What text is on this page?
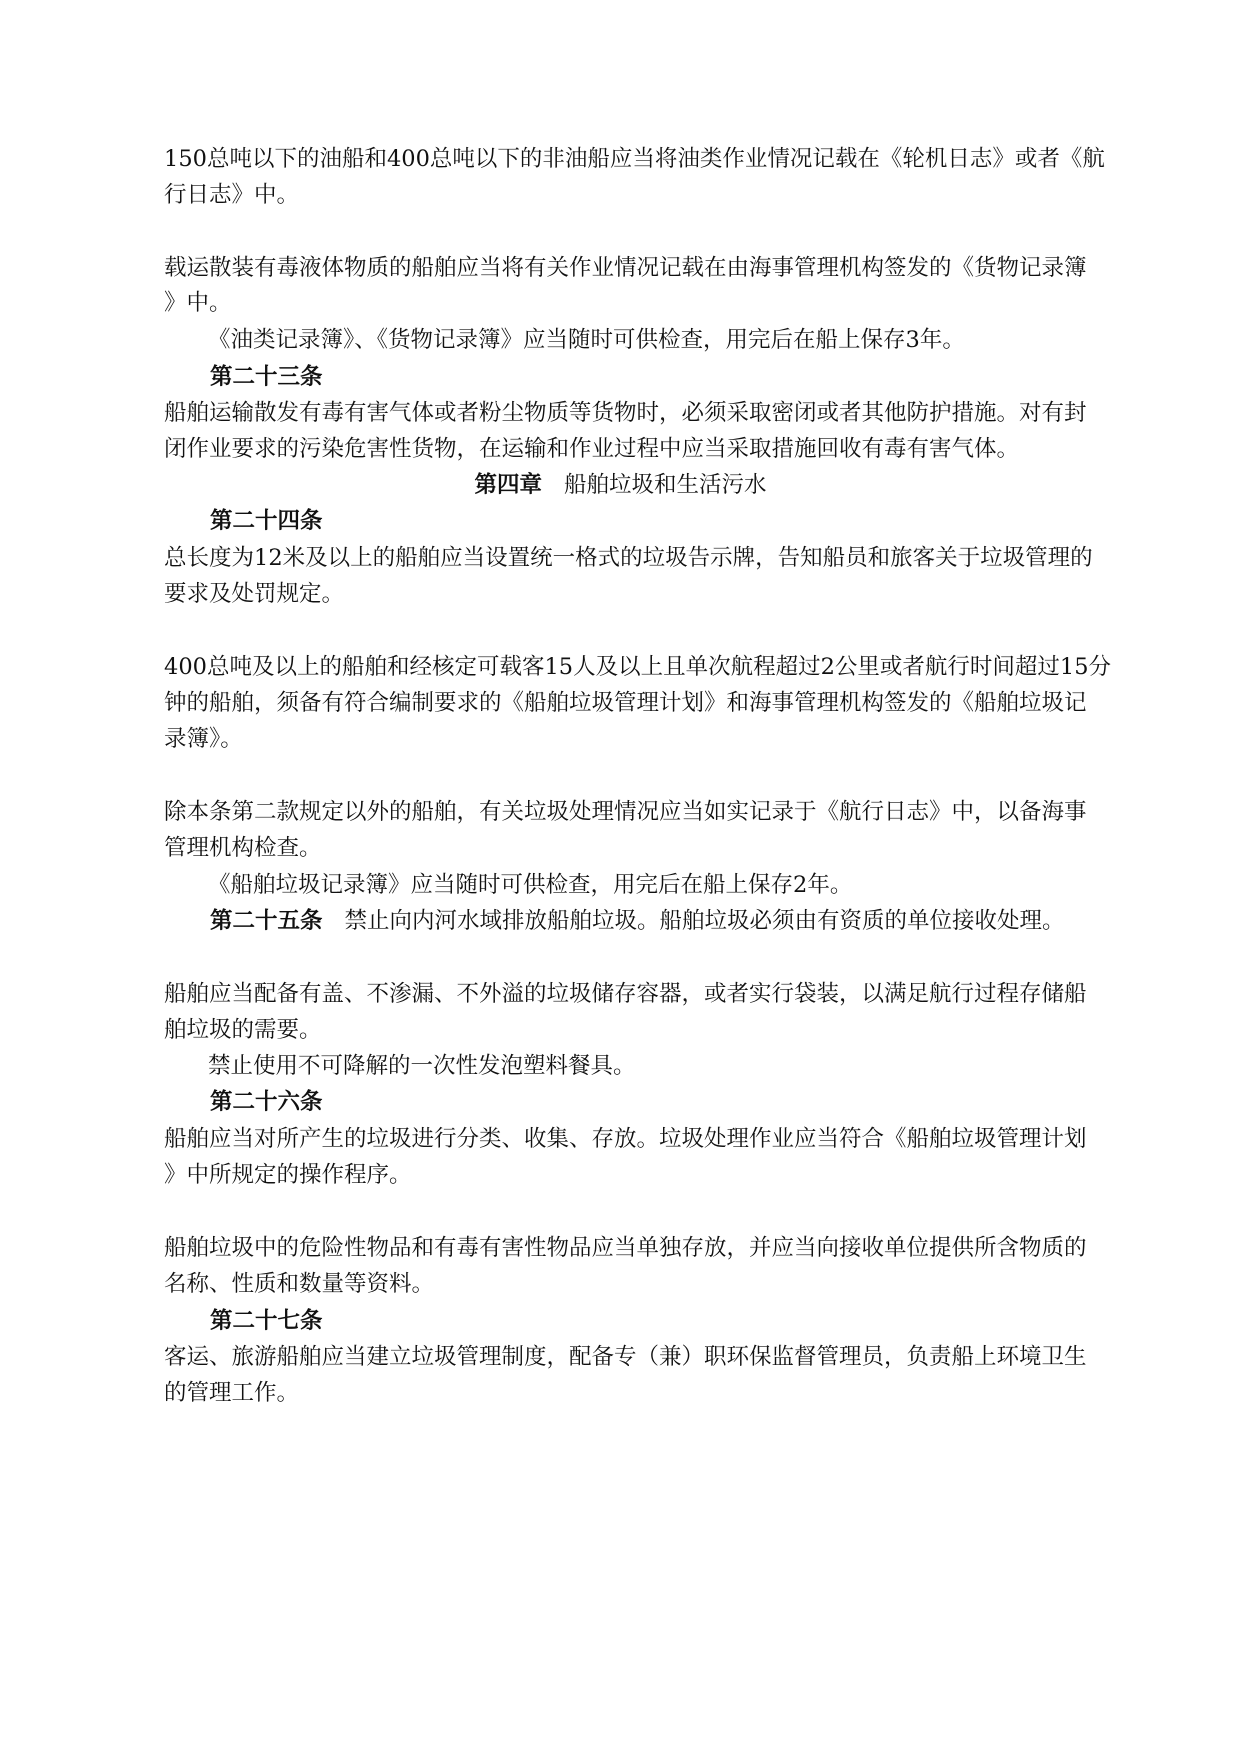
150总吨以下的油船和400总吨以下的非油船应当将油类作业情况记载在《轮机日志》或者《航
行日志》中。
载运散装有毒液体物质的船舶应当将有关作业情况记载在由海事管理机构签发的《货物记录簿
》中。
《油类记录簿》、《货物记录簿》应当随时可供检查，用完后在船上保存3年。
第二十三条
船舶运输散发有毒有害气体或者粉尘物质等货物时，必须采取密闭或者其他防护措施。对有封
闭作业要求的污染危害性货物，在运输和作业过程中应当采取措施回收有毒有害气体。
第四章 船舶垃圾和生活污水
第二十四条
总长度为12米及以上的船舶应当设置统一格式的垃圾告示牌，告知船员和旅客关于垃圾管理的
要求及处罚规定。
400总吨及以上的船舶和经核定可载客15人及以上且单次航程超过2公里或者航行时间超过15分
钟的船舶，须备有符合编制要求的《船舶垃圾管理计划》和海事管理机构签发的《船舶垃圾记
录簿》。
除本条第二款规定以外的船舶，有关垃圾处理情况应当如实记录于《航行日志》中，以备海事
管理机构检查。
《船舶垃圾记录簿》应当随时可供检查，用完后在船上保存2年。
第二十五条 禁止向内河水域排放船舶垃圾。船舶垃圾必须由有资质的单位接收处理。
船舶应当配备有盖、不渗漏、不外溢的垃圾储存容器，或者实行袋装，以满足航行过程存储船
舶垃圾的需要。
禁止使用不可降解的一次性发泡塑料餐具。
第二十六条
船舶应当对所产生的垃圾进行分类、收集、存放。垃圾处理作业应当符合《船舶垃圾管理计划
》中所规定的操作程序。
船舶垃圾中的危险性物品和有毒有害性物品应当单独存放，并应当向接收单位提供所含物质的
名称、性质和数量等资料。
第二十七条
客运、旅游船舶应当建立垃圾管理制度，配备专（兼）职环保监督管理员，负责船上环境卫生
的管理工作。
